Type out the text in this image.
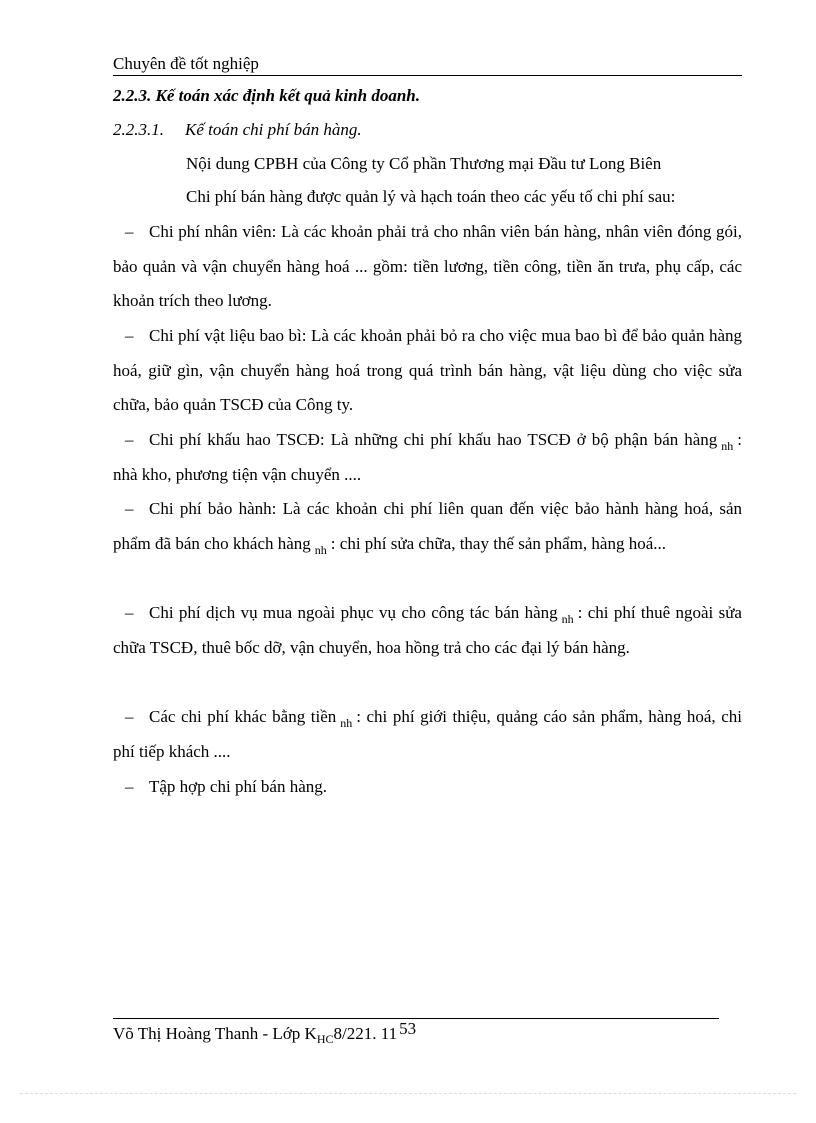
Chuyên đề tốt nghiệp
2.2.3. Kế toán xác định kết quả kinh doanh.
2.2.3.1. Kế toán chi phí bán hàng.
Nội dung CPBH của Công ty Cổ phần Thương mại Đầu tư Long Biên
Chi phí bán hàng được quản lý và hạch toán theo các yếu tố chi phí sau:
– Chi phí nhân viên: Là các khoản phải trả cho nhân viên bán hàng, nhân viên đóng gói, bảo quản và vận chuyển hàng hoá ... gồm: tiền lương, tiền công, tiền ăn trưa, phụ cấp, các khoản trích theo lương.
– Chi phí vật liệu bao bì: Là các khoản phải bỏ ra cho việc mua bao bì để bảo quản hàng hoá, giữ gìn, vận chuyển hàng hoá trong quá trình bán hàng, vật liệu dùng cho việc sửa chữa, bảo quản TSCĐ của Công ty.
– Chi phí khấu hao TSCĐ: Là những chi phí khấu hao TSCĐ ở bộ phận bán hàng $_{nh}$ : nhà kho, phương tiện vận chuyển ....
– Chi phí bảo hành: Là các khoản chi phí liên quan đến việc bảo hành hàng hoá, sản phẩm đã bán cho khách hàng $_{nh}$ : chi phí sửa chữa, thay thế sản phẩm, hàng hoá...
– Chi phí dịch vụ mua ngoài phục vụ cho công tác bán hàng $_{nh}$ : chi phí thuê ngoài sửa chữa TSCĐ, thuê bốc dỡ, vận chuyển, hoa hồng trả cho các đại lý bán hàng.
– Các chi phí khác bằng tiền $_{nh}$ : chi phí giới thiệu, quảng cáo sản phẩm, hàng hoá, chi phí tiếp khách ....
– Tập hợp chi phí bán hàng.
Võ Thị Hoàng Thanh - Lớp $K_{HC}8/221$. 11 $^{53}$
